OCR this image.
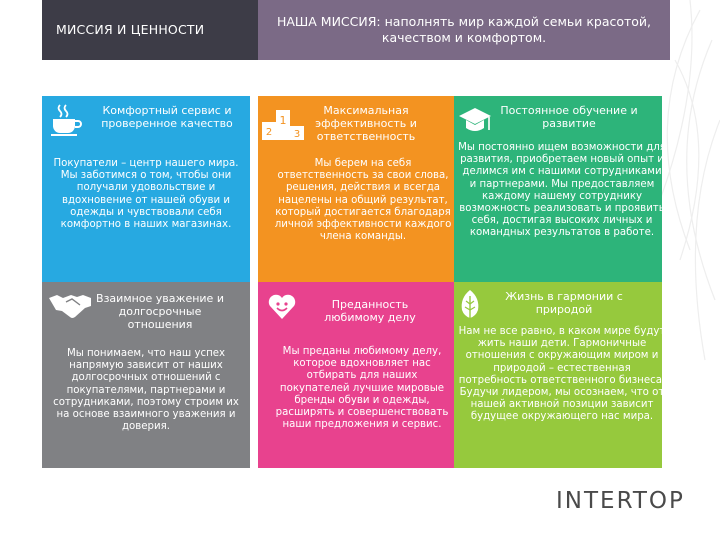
МИССИЯ И ЦЕННОСТИ
НАША МИССИЯ: наполнять мир каждой семьи красотой, качеством и комфортом.
Комфортный сервис и проверенное качество
Покупатели – центр нашего мира. Мы заботимся о том, чтобы они получали удовольствие и вдохновение от нашей обуви и одежды и чувствовали себя комфортно в наших магазинах.
1
2 3
Максимальная эффективность и ответственность
Мы берем на себя ответственность за свои слова, решения, действия и всегда нацелены на общий результат, который достигается благодаря личной эффективности каждого члена команды.
Постоянное обучение и развитие
Мы постоянно ищем возможности для развития, приобретаем новый опыт и делимся им с нашими сотрудниками и партнерами. Мы предоставляем каждому нашему сотруднику возможность реализовать и проявить себя, достигая высоких личных и командных результатов в работе.
Взаимное уважение и долгосрочные отношения
Мы понимаем, что наш успех напрямую зависит от наших долгосрочных отношений с покупателями, партнерами и сотрудниками, поэтому строим их на основе взаимного уважения и доверия.
Преданность любимому делу
Мы преданы любимому делу, которое вдохновляет нас отбирать для наших покупателей лучшие мировые бренды обуви и одежды, расширять и совершенствовать наши предложения и сервис.
Жизнь в гармонии с природой
Нам не все равно, в каком мире будут жить наши дети. Гармоничные отношения с окружающим миром и природой – естественная потребность ответственного бизнеса. Будучи лидером, мы осознаем, что от нашей активной позиции зависит будущее окружающего нас мира.
INTERTOP
